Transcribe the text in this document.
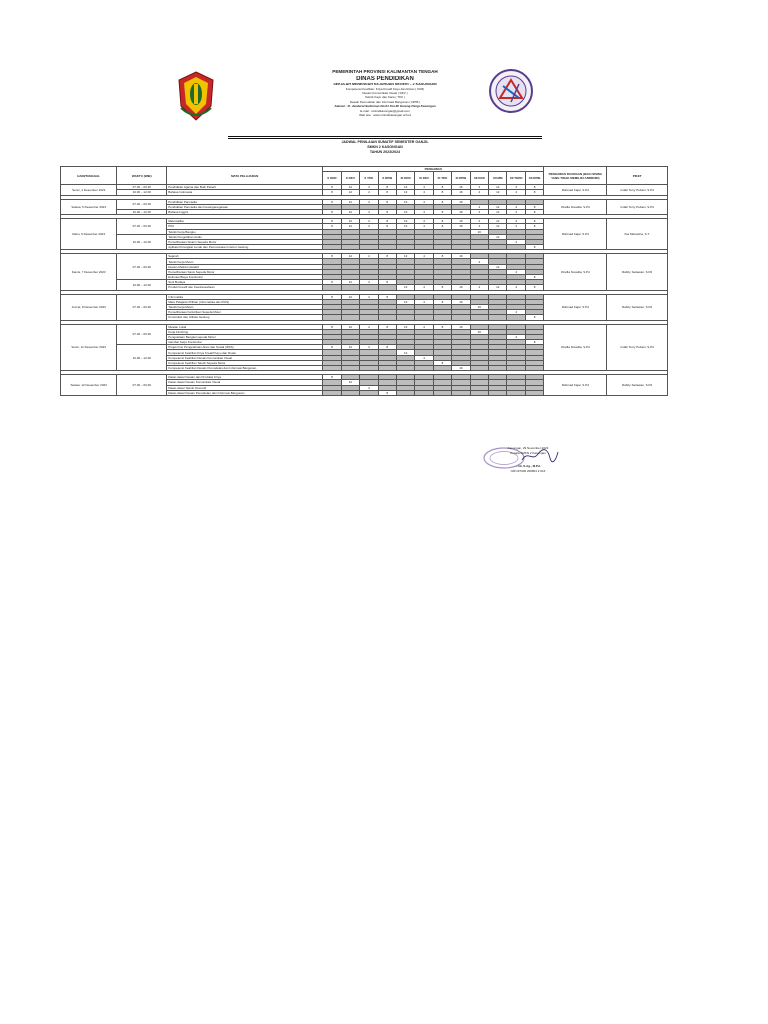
PEMERINTAH PROVINSI KALIMANTAN TENGAH
DINAS PENDIDIKAN
SEKOLAH MENENGAH KEJURUAN NEGERI – 2 KASONGAN
Kompetensi Keahlian: Kriya Kreatif Kayu dan Rotan ( KKR)
Desain Komunikasi Visual ( DKV )
Teknik Kayu dan Kaca ( TKK )
Desain Pemodelan dan Informasi Bangunan ( DPIB )
Alamat : Jl. Jenderal Sudirman No.61 Km.60 Kereng Pangi Kasongan
E-mail : smkn2kasongan@gmail.com
Web site : www.smkn2kasongan.sch.id
JADWAL PENILAIAN SUMATIF SEMESTER GANJIL
SMKN 2 KASONGAN
TAHUN 2023/2024
HARI/TANGGAL	WAKTU (WIB)	MATA PELAJARAN	PENGAWAS												PENGAWAS RUANGAN (BAGI SISWA YANG TIDAK MEMILIKI ANDROID)	PIKET
			X KKR	X DKV	X TKK	X DPIB	XI KKR	XI DKV	XI TKK	XI DPIB	XII KKR	XII MM	XII TKKR	XII DPIB		
Senin, 4 Desember 2023	07.30 – 09.30	Pendidikan Agama dan Budi Pekerti	8	12	4	8	13	4	8	16	4	12	4	8	Rahmad Fajar, S.Pd	Indah Terry Pebani, S.Pd
	10.00 – 12.00	Bahasa Indonesia	8	12	4	8	13	4	8	16	4	12	4	8		

Selasa, 5 Desember 2023	07.30 – 09.30	Pendidikan Pancasila	8	12	4	8	13	4	8	16					Okvilla Novalita, S.Pd	Indah Terry Pebani, S.Pd
		Pendidikan Pancasila dan Kewarganegaraan									4	12	4	8		
	10.00 – 12.00	Bahasa Inggris	8	12	4	8	13	4	8	16	4	12	4	8		

Rabu, 6 Desember 2023	07.30 – 09.30	Matematika	8	12	4	8	13	4	8	16	4	12	4	8	Rahmad Fajar, S.Pd	Ilsa Marselina, S.T.
		PKK	8	12	4	8	13	4	8	16	4	12	4	8		
		Teknik Kerja Bangku									16					
	10.00 – 12.00	Teknik Pengolahan Audio										12				
		Pemeliharaan Sistem Sepeda Motor											4			
		Aplikasi Perangkat Lunak dan Perencanaan Interior Gedung												8		

Kamis, 7 Desember 2023	07.30 – 09.30	Sejarah	8	12	4	8	13	4	8	16					Okvilla Novalita, S.Pd	Rabby Setiawan, S.Pd
		Teknik Kerja Mesin									4					
		Desain Media Interaktif										12				
		Pemeliharaan Sasis Sepeda Motor											4			
		Estimasi Biaya Konstruksi												8		
	10.00 – 12.00	Seni Budaya	8	12	4	8										
		Produk Kreatif dan Kewirausahaan					13	4	8	16	4	12	4	8		

Jum'at, 8 Desember 2023	07.30 – 09.30	Informatika	8	12	4	8									Rahmad Fajar, S.Pd	Rabby Setiawan, S.Pd
		Mata Pelajaran Pilihan (Informatika dan IPAS)					13	4	8	16						
		Teknik Kerja Mesin									16					
		Pemeliharaan Kelistrikan Sepeda Motor											4			
		Konstruksi dan Utilitas Gedung												8		

Senin, 11 Desember 2023	07.30 – 09.30	Muatan Lokal	8	12	4	8	13	4	8	16					Okvilla Novalita, S.Pd	Indah Terry Pebani, S.Pd
		Kerja Finishing									16					
		Pengelolaan Bengkel sepeda Motor											4			
		Gambar Kerja Konstruksi												8		
	10.00 – 12.00	Projek Ilmu Pengetahuan Alam dan Sosial (IPAS)	8	12	4	8										
		Kompetensi Keahlian Kriya Kreatif Kayu dan Rotan					13									
		Kompetensi Keahlian Desain Komunikasi Visual						4								
		Kompetensi Keahlian Teknik Sepeda Motor							8							
		Kompetensi Keahlian Desain Pemodelan dan Informasi Bangunan								16						

Selasa, 12 Desember 2023	07.30 – 09.30	Dasar-dasar Desain dan Produksi Kriya	8												Rahmad Fajar, S.Pd	Rabby Setiawan, S.Pd
		Dasar-dasar Desain Komunikasi Visual		12												
		Dasar-dasar Teknik Otomotif			4											
		Dasar-dasar Desain Pemodelan dan Informasi Bangunan				8										
Kasongan, 29 November 2023
Kepala SMKN 2 Kasongan
...nti, S.Ag., M.Pd.
NIP.197306 200801 2 016
